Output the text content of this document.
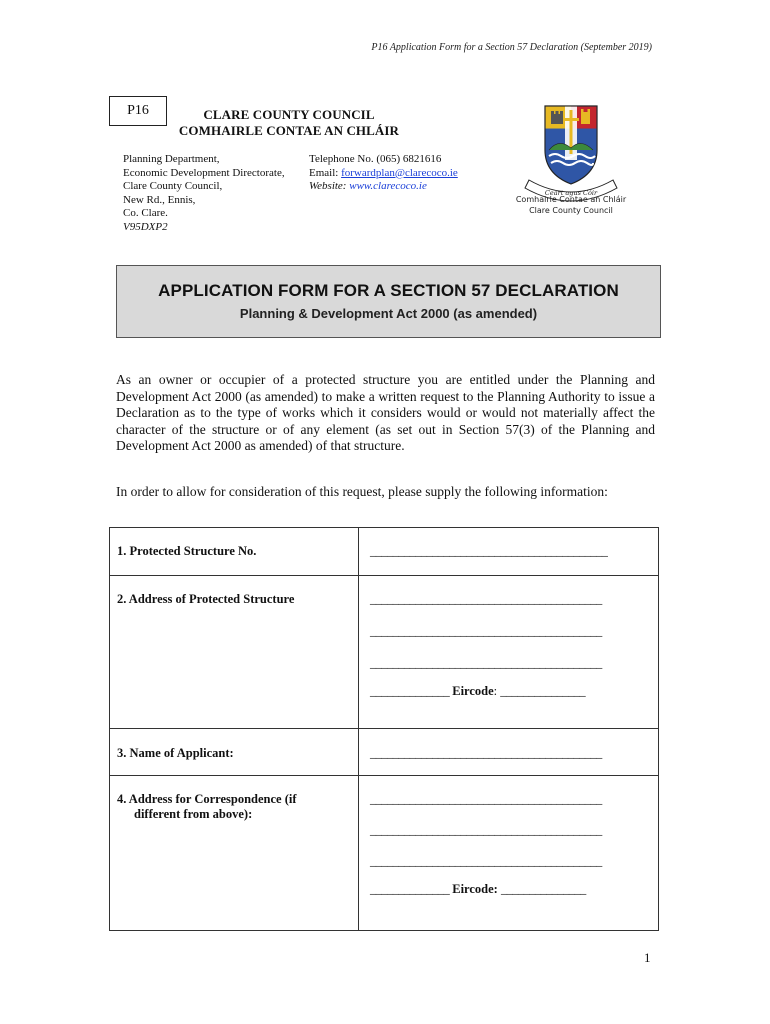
P16 Application Form for a Section 57 Declaration (September 2019)
P16	CLARE COUNTY COUNCIL
COMHAIRLE CONTAE AN CHLÁIR
Planning Department,
Economic Development Directorate,
Clare County Council,
New Rd., Ennis,
Co. Clare.
V95DXP2
Telephone No. (065) 6821616
Email: forwardplan@clarecoco.ie
Website: www.clarecoco.ie
Ceart agus Cóir
Comhairle Contae an Chláir
Clare County Council
APPLICATION FORM FOR A SECTION 57 DECLARATION
Planning & Development Act 2000 (as amended)

As an owner or occupier of a protected structure you are entitled under the Planning and Development Act 2000 (as amended) to make a written request to the Planning Authority to issue a Declaration as to the type of works which it considers would or would not materially affect the character of the structure or of any element (as set out in Section 57(3) of the Planning and Development Act 2000 as amended) of that structure.

In order to allow for consideration of this request, please supply the following information:

1. Protected Structure No.	__________________________________________
2. Address of Protected Structure	_________________________________________
_________________________________________
_________________________________________
______________ Eircode: _______________
3. Name of Applicant:	_________________________________________
4. Address for Correspondence (if
different from above):
_________________________________________
_________________________________________
_________________________________________
______________ Eircode: _______________
1
